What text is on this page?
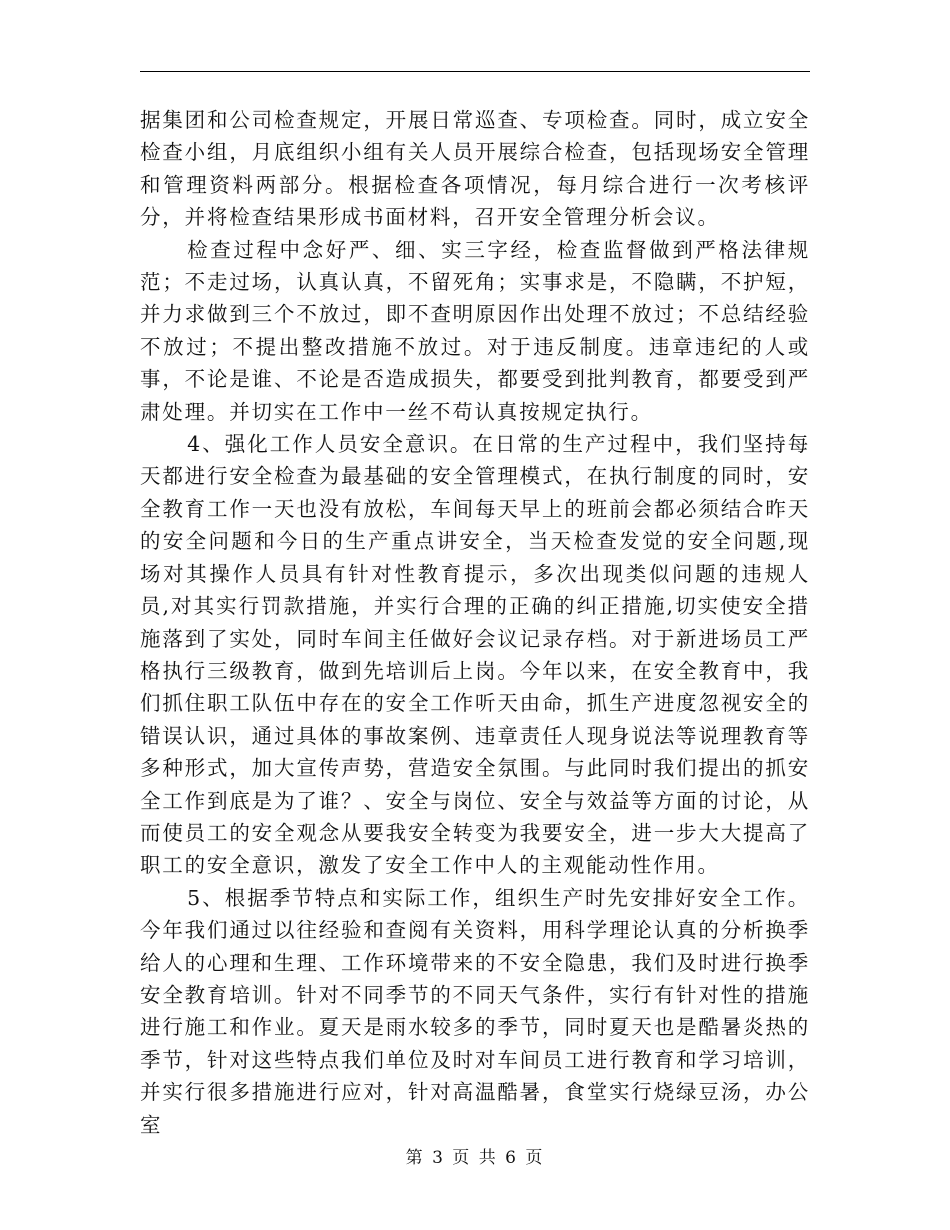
据集团和公司检查规定，开展日常巡查、专项检查。同时，成立安全检查小组，月底组织小组有关人员开展综合检查，包括现场安全管理和管理资料两部分。根据检查各项情况，每月综合进行一次考核评分，并将检查结果形成书面材料，召开安全管理分析会议。

检查过程中念好严、细、实三字经，检查监督做到严格法律规范；不走过场，认真认真，不留死角；实事求是，不隐瞒，不护短，并力求做到三个不放过，即不查明原因作出处理不放过；不总结经验不放过；不提出整改措施不放过。对于违反制度。违章违纪的人或事，不论是谁、不论是否造成损失，都要受到批判教育，都要受到严肃处理。并切实在工作中一丝不苟认真按规定执行。

4、强化工作人员安全意识。在日常的生产过程中，我们坚持每天都进行安全检查为最基础的安全管理模式，在执行制度的同时，安全教育工作一天也没有放松，车间每天早上的班前会都必须结合昨天的安全问题和今日的生产重点讲安全，当天检查发觉的安全问题,现场对其操作人员具有针对性教育提示，多次出现类似问题的违规人员,对其实行罚款措施，并实行合理的正确的纠正措施,切实使安全措施落到了实处，同时车间主任做好会议记录存档。对于新进场员工严格执行三级教育，做到先培训后上岗。今年以来，在安全教育中，我们抓住职工队伍中存在的安全工作听天由命，抓生产进度忽视安全的错误认识，通过具体的事故案例、违章责任人现身说法等说理教育等多种形式，加大宣传声势，营造安全氛围。与此同时我们提出的抓安全工作到底是为了谁？、安全与岗位、安全与效益等方面的讨论，从而使员工的安全观念从要我安全转变为我要安全，进一步大大提高了职工的安全意识，激发了安全工作中人的主观能动性作用。

5、根据季节特点和实际工作，组织生产时先安排好安全工作。今年我们通过以往经验和查阅有关资料，用科学理论认真的分析换季给人的心理和生理、工作环境带来的不安全隐患，我们及时进行换季安全教育培训。针对不同季节的不同天气条件，实行有针对性的措施进行施工和作业。夏天是雨水较多的季节，同时夏天也是酷暑炎热的季节，针对这些特点我们单位及时对车间员工进行教育和学习培训，并实行很多措施进行应对，针对高温酷暑，食堂实行烧绿豆汤，办公室

第 3 页 共 6 页
